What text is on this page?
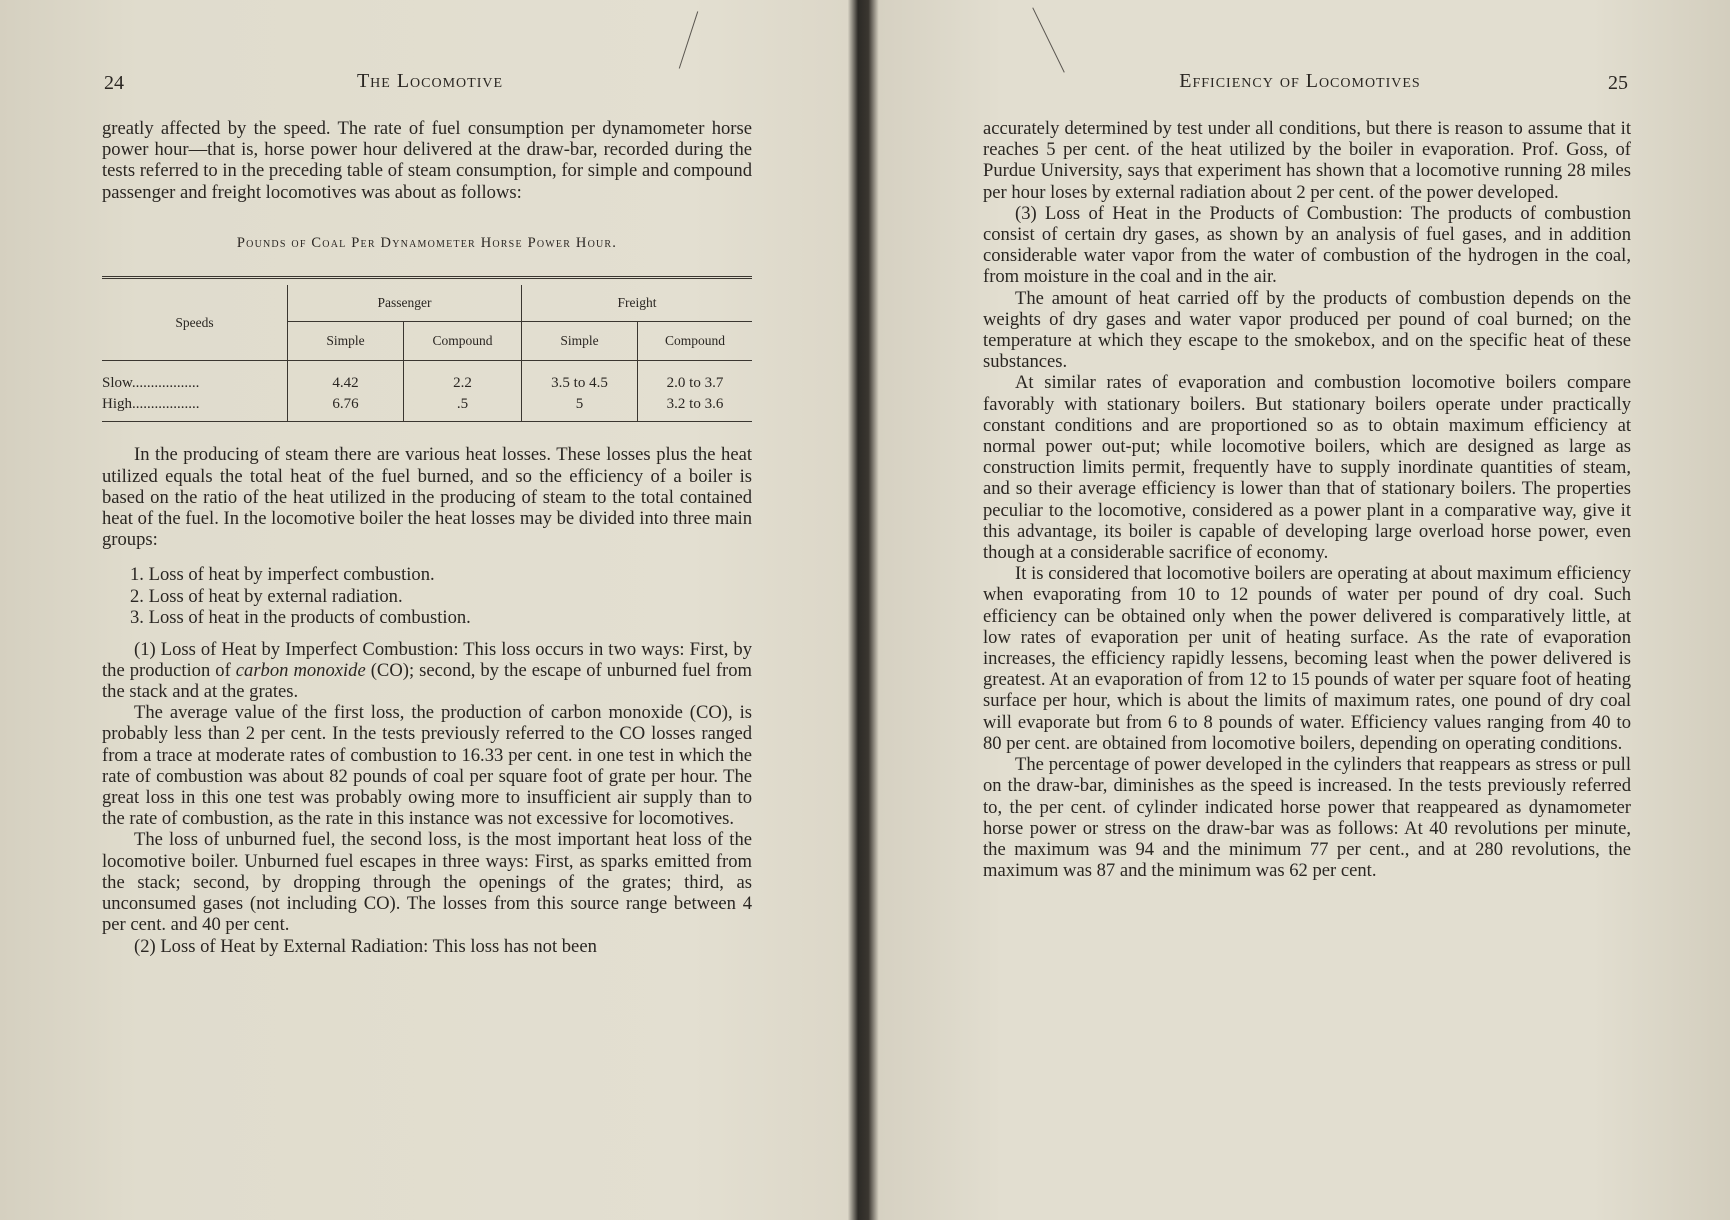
24	The Locomotive

greatly affected by the speed. The rate of fuel consumption per dynamometer horse power hour—that is, horse power hour delivered at the draw-bar, recorded during the tests referred to in the preceding table of steam consumption, for simple and compound passenger and freight locomotives was about as follows:

Pounds of Coal Per Dynamometer Horse Power Hour.

Speeds	Passenger		Freight	
	Simple	Compound	Simple	Compound
Slow..................	4.42	2.2	3.5 to 4.5	2.0 to 3.7
High..................	6.76	.5	5	3.2 to 3.6

In the producing of steam there are various heat losses. These losses plus the heat utilized equals the total heat of the fuel burned, and so the efficiency of a boiler is based on the ratio of the heat utilized in the producing of steam to the total contained heat of the fuel. In the locomotive boiler the heat losses may be divided into three main groups:

1. Loss of heat by imperfect combustion.
2. Loss of heat by external radiation.
3. Loss of heat in the products of combustion.

(1) Loss of Heat by Imperfect Combustion: This loss occurs in two ways: First, by the production of carbon monoxide (CO); second, by the escape of unburned fuel from the stack and at the grates.

The average value of the first loss, the production of carbon monoxide (CO), is probably less than 2 per cent. In the tests previously referred to the CO losses ranged from a trace at moderate rates of combustion to 16.33 per cent. in one test in which the rate of combustion was about 82 pounds of coal per square foot of grate per hour. The great loss in this one test was probably owing more to insufficient air supply than to the rate of combustion, as the rate in this instance was not excessive for locomotives.

The loss of unburned fuel, the second loss, is the most important heat loss of the locomotive boiler. Unburned fuel escapes in three ways: First, as sparks emitted from the stack; second, by dropping through the openings of the grates; third, as unconsumed gases (not including CO). The losses from this source range between 4 per cent. and 40 per cent.

(2) Loss of Heat by External Radiation: This loss has not been

Efficiency of Locomotives	25

accurately determined by test under all conditions, but there is reason to assume that it reaches 5 per cent. of the heat utilized by the boiler in evaporation. Prof. Goss, of Purdue University, says that experiment has shown that a locomotive running 28 miles per hour loses by external radiation about 2 per cent. of the power developed.

(3) Loss of Heat in the Products of Combustion: The products of combustion consist of certain dry gases, as shown by an analysis of fuel gases, and in addition considerable water vapor from the water of combustion of the hydrogen in the coal, from moisture in the coal and in the air.

The amount of heat carried off by the products of combustion depends on the weights of dry gases and water vapor produced per pound of coal burned; on the temperature at which they escape to the smokebox, and on the specific heat of these substances.

At similar rates of evaporation and combustion locomotive boilers compare favorably with stationary boilers. But stationary boilers operate under practically constant conditions and are proportioned so as to obtain maximum efficiency at normal power out-put; while locomotive boilers, which are designed as large as construction limits permit, frequently have to supply inordinate quantities of steam, and so their average efficiency is lower than that of stationary boilers. The properties peculiar to the locomotive, considered as a power plant in a comparative way, give it this advantage, its boiler is capable of developing large overload horse power, even though at a considerable sacrifice of economy.

It is considered that locomotive boilers are operating at about maximum efficiency when evaporating from 10 to 12 pounds of water per pound of dry coal. Such efficiency can be obtained only when the power delivered is comparatively little, at low rates of evaporation per unit of heating surface. As the rate of evaporation increases, the efficiency rapidly lessens, becoming least when the power delivered is greatest. At an evaporation of from 12 to 15 pounds of water per square foot of heating surface per hour, which is about the limits of maximum rates, one pound of dry coal will evaporate but from 6 to 8 pounds of water. Efficiency values ranging from 40 to 80 per cent. are obtained from locomotive boilers, depending on operating conditions.

The percentage of power developed in the cylinders that reappears as stress or pull on the draw-bar, diminishes as the speed is increased. In the tests previously referred to, the per cent. of cylinder indicated horse power that reappeared as dynamometer horse power or stress on the draw-bar was as follows: At 40 revolutions per minute, the maximum was 94 and the minimum 77 per cent., and at 280 revolutions, the maximum was 87 and the minimum was 62 per cent.
